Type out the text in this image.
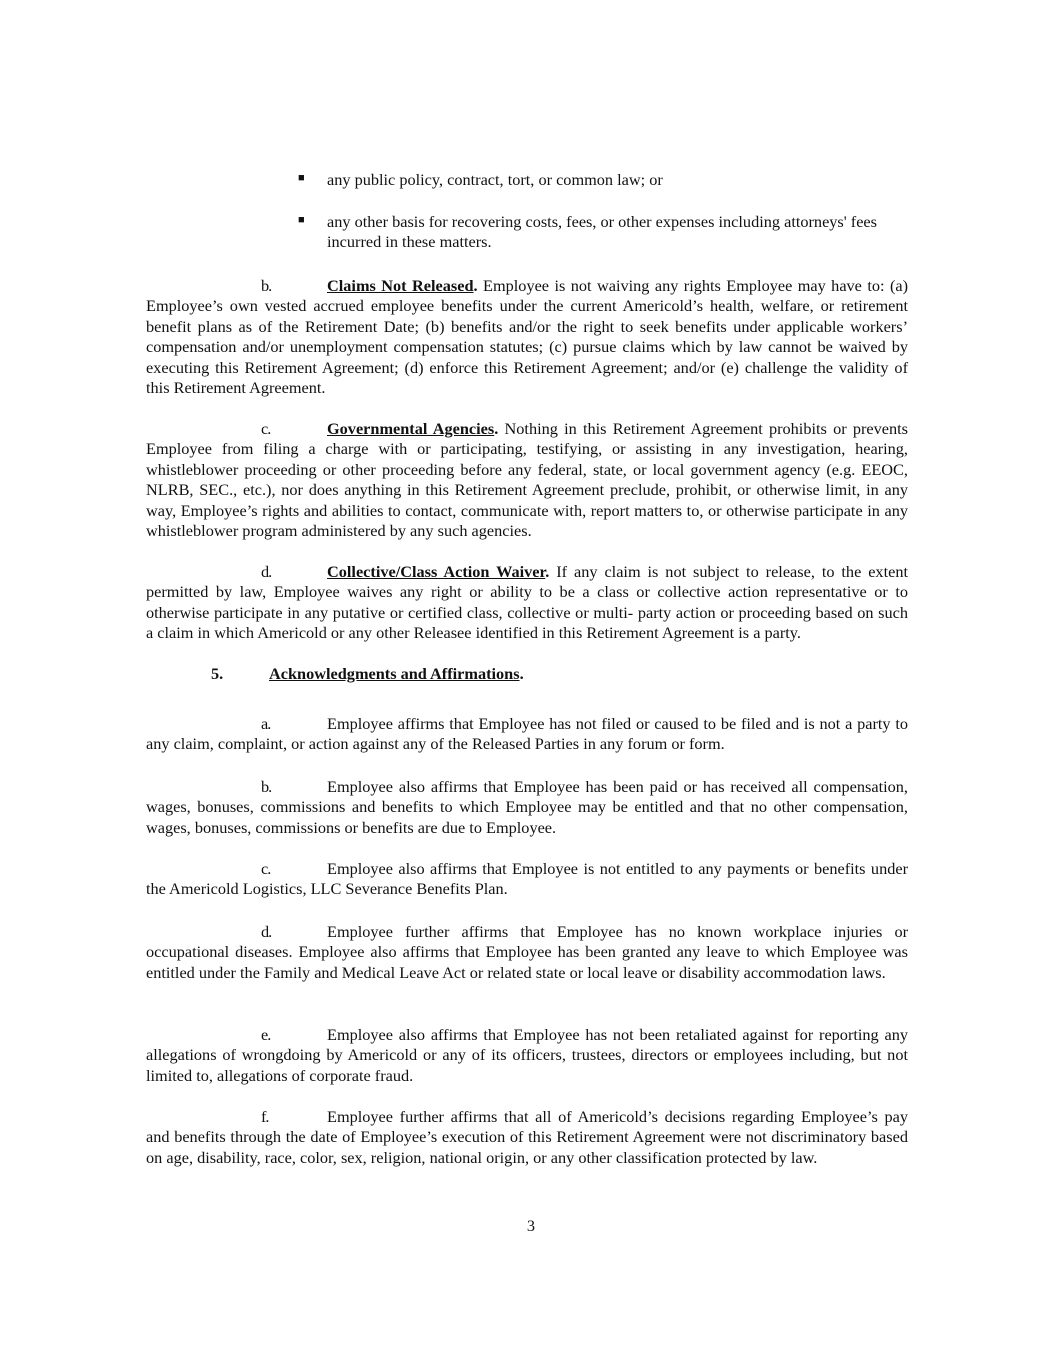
■ any public policy, contract, tort, or common law; or
■ any other basis for recovering costs, fees, or other expenses including attorneys' fees incurred in these matters.
b.	Claims Not Released. Employee is not waiving any rights Employee may have to: (a) Employee’s own vested accrued employee benefits under the current Americold’s health, welfare, or retirement benefit plans as of the Retirement Date; (b) benefits and/or the right to seek benefits under applicable workers’ compensation and/or unemployment compensation statutes; (c) pursue claims which by law cannot be waived by executing this Retirement Agreement; (d) enforce this Retirement Agreement; and/or (e) challenge the validity of this Retirement Agreement.
c.	Governmental Agencies. Nothing in this Retirement Agreement prohibits or prevents Employee from filing a charge with or participating, testifying, or assisting in any investigation, hearing, whistleblower proceeding or other proceeding before any federal, state, or local government agency (e.g. EEOC, NLRB, SEC., etc.), nor does anything in this Retirement Agreement preclude, prohibit, or otherwise limit, in any way, Employee’s rights and abilities to contact, communicate with, report matters to, or otherwise participate in any whistleblower program administered by any such agencies.
d.	Collective/Class Action Waiver. If any claim is not subject to release, to the extent permitted by law, Employee waives any right or ability to be a class or collective action representative or to otherwise participate in any putative or certified class, collective or multi- party action or proceeding based on such a claim in which Americold or any other Releasee identified in this Retirement Agreement is a party.
5.	Acknowledgments and Affirmations.
a.	Employee affirms that Employee has not filed or caused to be filed and is not a party to any claim, complaint, or action against any of the Released Parties in any forum or form.
b.	Employee also affirms that Employee has been paid or has received all compensation, wages, bonuses, commissions and benefits to which Employee may be entitled and that no other compensation, wages, bonuses, commissions or benefits are due to Employee.
c.	Employee also affirms that Employee is not entitled to any payments or benefits under the Americold Logistics, LLC Severance Benefits Plan.
d.	Employee further affirms that Employee has no known workplace injuries or occupational diseases. Employee also affirms that Employee has been granted any leave to which Employee was entitled under the Family and Medical Leave Act or related state or local leave or disability accommodation laws.
e.	Employee also affirms that Employee has not been retaliated against for reporting any allegations of wrongdoing by Americold or any of its officers, trustees, directors or employees including, but not limited to, allegations of corporate fraud.
f.	Employee further affirms that all of Americold’s decisions regarding Employee’s pay and benefits through the date of Employee’s execution of this Retirement Agreement were not discriminatory based on age, disability, race, color, sex, religion, national origin, or any other classification protected by law.
3
